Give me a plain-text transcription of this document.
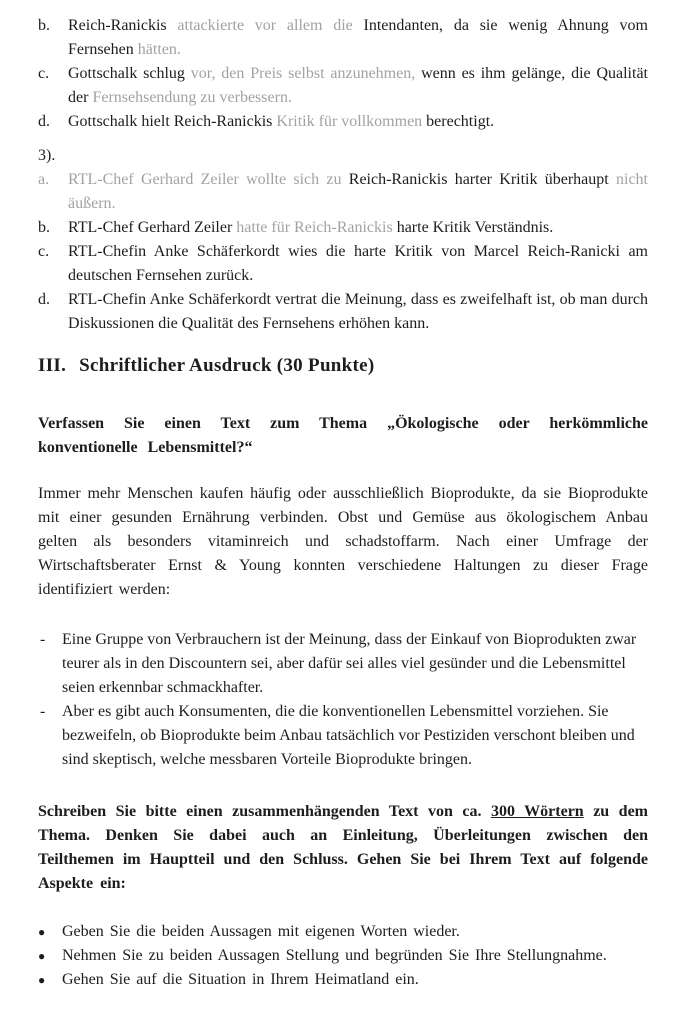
b. Reich-Ranickis attackierte vor allem die Intendanten, da sie wenig Ahnung vom Fernsehen hätten.
c. Gottschalk schlug vor, den Preis selbst anzunehmen, wenn es ihm gelänge, die Qualität der Fernsehsendung zu verbessern.
d. Gottschalk hielt Reich-Ranickis Kritik für vollkommen berechtigt.
3).
a. RTL-Chef Gerhard Zeiler wollte sich zu Reich-Ranickis harter Kritik überhaupt nicht äußern.
b. RTL-Chef Gerhard Zeiler hatte für Reich-Ranickis harte Kritik Verständnis.
c. RTL-Chefin Anke Schäferkordt wies die harte Kritik von Marcel Reich-Ranicki am deutschen Fernsehen zurück.
d. RTL-Chefin Anke Schäferkordt vertrat die Meinung, dass es zweifelhaft ist, ob man durch Diskussionen die Qualität des Fernsehens erhöhen kann.
III. Schriftlicher Ausdruck (30 Punkte)

Verfassen Sie einen Text zum Thema „Ökologische oder herkömmliche konventionelle Lebensmittel?“

Immer mehr Menschen kaufen häufig oder ausschließlich Bioprodukte, da sie Bioprodukte mit einer gesunden Ernährung verbinden. Obst und Gemüse aus ökologischem Anbau gelten als besonders vitaminreich und schadstoffarm. Nach einer Umfrage der Wirtschaftsberater Ernst & Young konnten verschiedene Haltungen zu dieser Frage identifiziert werden:

- Eine Gruppe von Verbrauchern ist der Meinung, dass der Einkauf von Bioprodukten zwar teurer als in den Discountern sei, aber dafür sei alles viel gesünder und die Lebensmittel seien erkennbar schmackhafter.
- Aber es gibt auch Konsumenten, die die konventionellen Lebensmittel vorziehen. Sie bezweifeln, ob Bioprodukte beim Anbau tatsächlich vor Pestiziden verschont bleiben und sind skeptisch, welche messbaren Vorteile Bioprodukte bringen.

Schreiben Sie bitte einen zusammenhängenden Text von ca. 300 Wörtern zu dem Thema. Denken Sie dabei auch an Einleitung, Überleitungen zwischen den Teilthemen im Hauptteil und den Schluss. Gehen Sie bei Ihrem Text auf folgende Aspekte ein:

● Geben Sie die beiden Aussagen mit eigenen Worten wieder.
● Nehmen Sie zu beiden Aussagen Stellung und begründen Sie Ihre Stellungnahme.
● Gehen Sie auf die Situation in Ihrem Heimatland ein.
